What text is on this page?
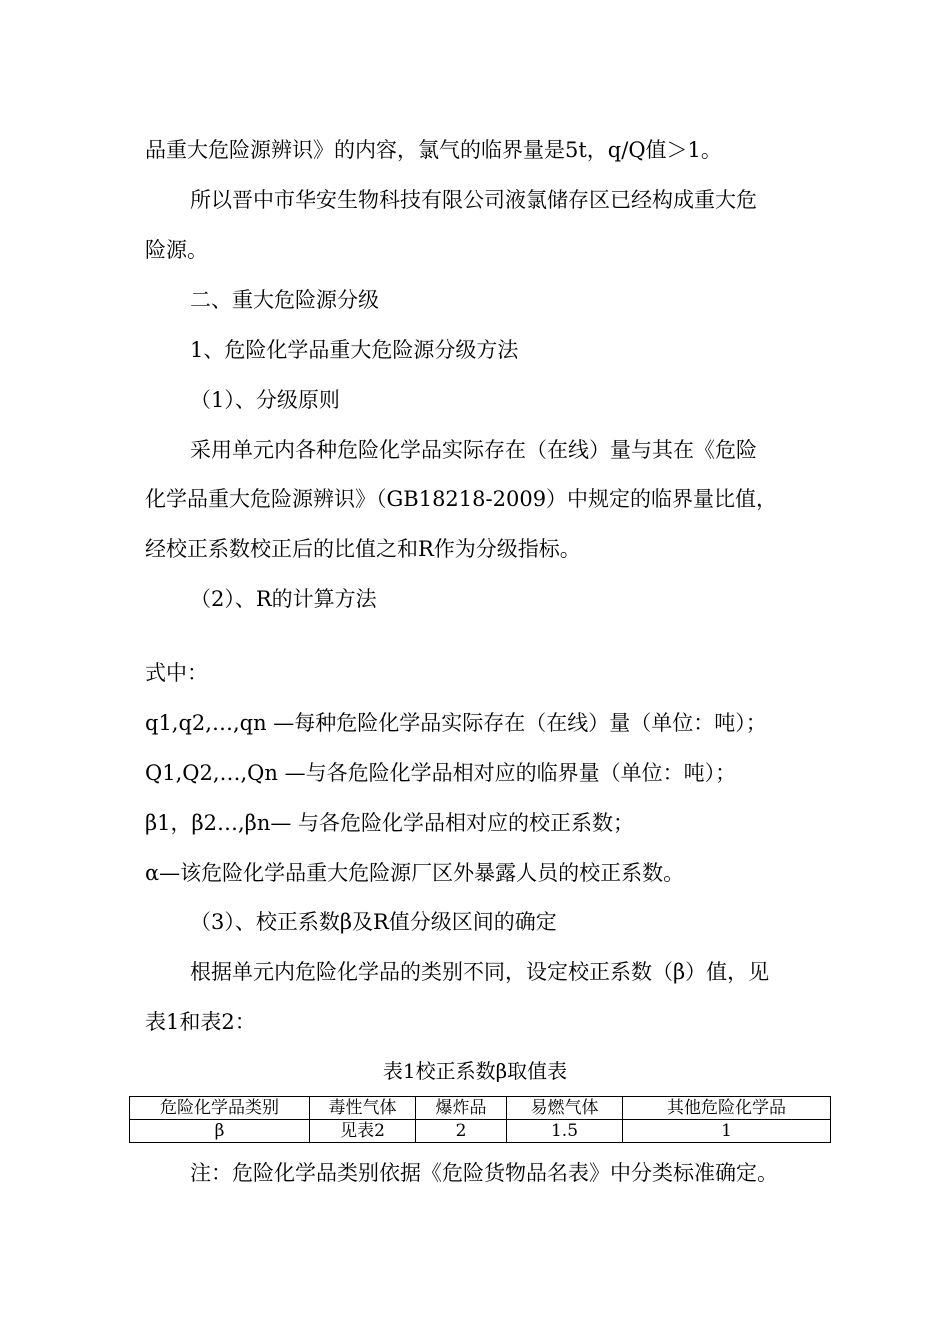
品重大危险源辨识》的内容，氯气的临界量是5t，q/Q值＞1。
所以晋中市华安生物科技有限公司液氯储存区已经构成重大危
险源。
二、重大危险源分级
1、危险化学品重大危险源分级方法
（1）、分级原则
采用单元内各种危险化学品实际存在（在线）量与其在《危险
化学品重大危险源辨识》（GB18218-2009）中规定的临界量比值，
经校正系数校正后的比值之和R作为分级指标。
（2）、R的计算方法
式中：
q1,q2,…,qn —每种危险化学品实际存在（在线）量（单位：吨）；
Q1,Q2,…,Qn —与各危险化学品相对应的临界量（单位：吨）；
β1，β2…,βn— 与各危险化学品相对应的校正系数；
α—该危险化学品重大危险源厂区外暴露人员的校正系数。
（3）、校正系数β及R值分级区间的确定
根据单元内危险化学品的类别不同，设定校正系数（β）值，见
表1和表2：
表1校正系数β取值表
危险化学品类别	毒性气体	爆炸品	易燃气体	其他危险化学品
β	见表2	2	1.5	1
注：危险化学品类别依据《危险货物品名表》中分类标准确定。
